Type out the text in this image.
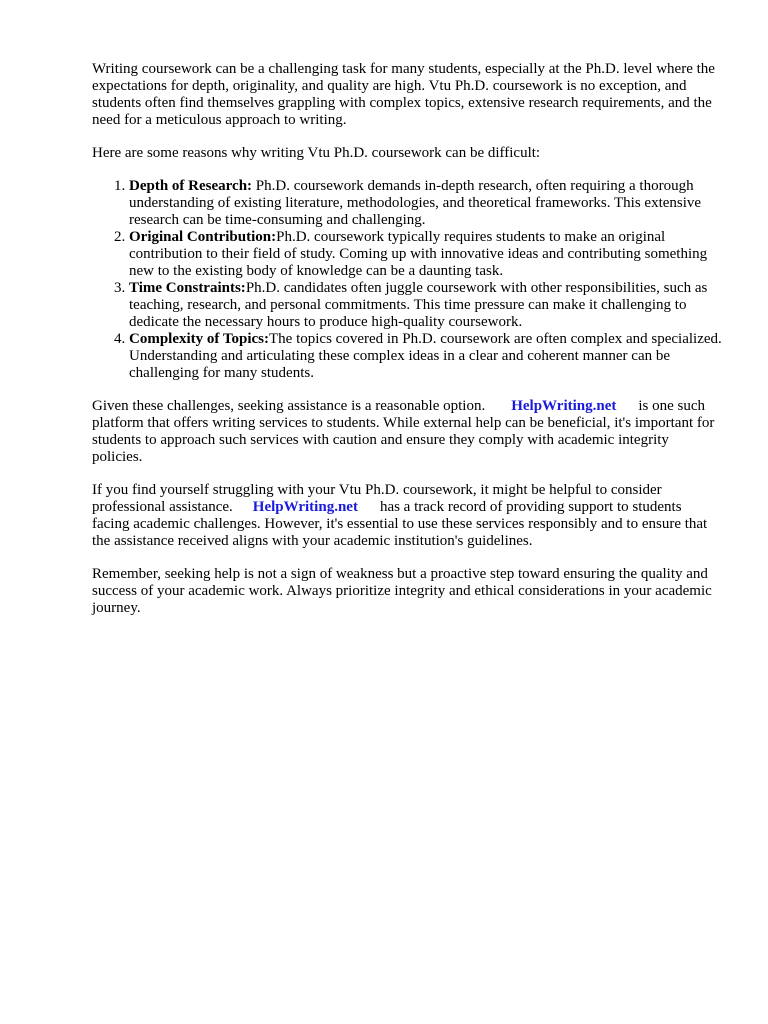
Writing coursework can be a challenging task for many students, especially at the Ph.D. level where the expectations for depth, originality, and quality are high. Vtu Ph.D. coursework is no exception, and students often find themselves grappling with complex topics, extensive research requirements, and the need for a meticulous approach to writing.

Here are some reasons why writing Vtu Ph.D. coursework can be difficult:

1. Depth of Research: Ph.D. coursework demands in-depth research, often requiring a thorough understanding of existing literature, methodologies, and theoretical frameworks. This extensive research can be time-consuming and challenging.
2. Original Contribution:Ph.D. coursework typically requires students to make an original contribution to their field of study. Coming up with innovative ideas and contributing something new to the existing body of knowledge can be a daunting task.
3. Time Constraints:Ph.D. candidates often juggle coursework with other responsibilities, such as teaching, research, and personal commitments. This time pressure can make it challenging to dedicate the necessary hours to produce high-quality coursework.
4. Complexity of Topics:The topics covered in Ph.D. coursework are often complex and specialized. Understanding and articulating these complex ideas in a clear and coherent manner can be challenging for many students.

Given these challenges, seeking assistance is a reasonable option. HelpWriting.net is one such platform that offers writing services to students. While external help can be beneficial, it's important for students to approach such services with caution and ensure they comply with academic integrity policies.

If you find yourself struggling with your Vtu Ph.D. coursework, it might be helpful to consider professional assistance. HelpWriting.net has a track record of providing support to students facing academic challenges. However, it's essential to use these services responsibly and to ensure that the assistance received aligns with your academic institution's guidelines.

Remember, seeking help is not a sign of weakness but a proactive step toward ensuring the quality and success of your academic work. Always prioritize integrity and ethical considerations in your academic journey.
